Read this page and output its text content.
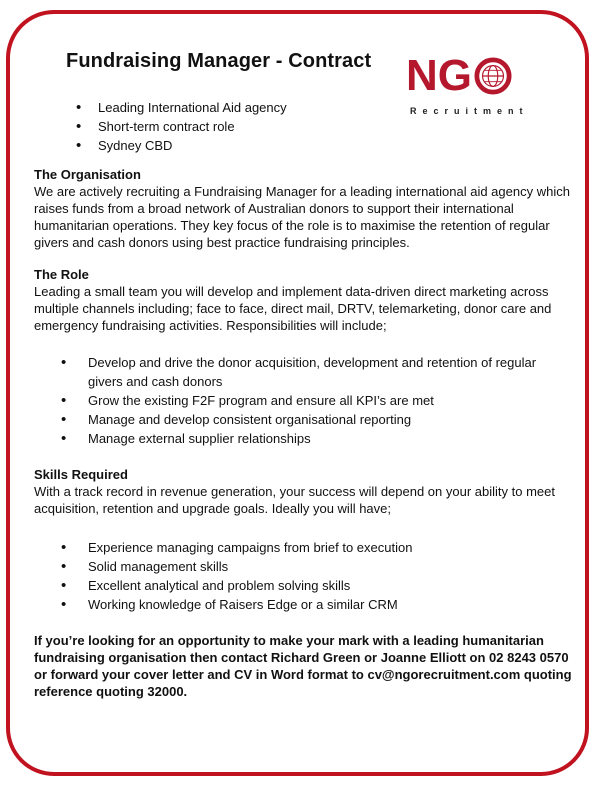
Fundraising Manager - Contract NG
Recruitment
• Leading International Aid agency
• Short-term contract role
• Sydney CBD

The Organisation

We are actively recruiting a Fundraising Manager for a leading international aid agency which raises funds from a broad network of Australian donors to support their international humanitarian operations. They key focus of the role is to maximise the retention of regular givers and cash donors using best practice fundraising principles.

The Role

Leading a small team you will develop and implement data-driven direct marketing across multiple channels including; face to face, direct mail, DRTV, telemarketing, donor care and emergency fundraising activities. Responsibilities will include;

• Develop and drive the donor acquisition, development and retention of regular givers and cash donors
• Grow the existing F2F program and ensure all KPI’s are met
• Manage and develop consistent organisational reporting
• Manage external supplier relationships

Skills Required

With a track record in revenue generation, your success will depend on your ability to meet acquisition, retention and upgrade goals. Ideally you will have;

• Experience managing campaigns from brief to execution
• Solid management skills
• Excellent analytical and problem solving skills
• Working knowledge of Raisers Edge or a similar CRM

If you’re looking for an opportunity to make your mark with a leading humanitarian fundraising organisation then contact Richard Green or Joanne Elliott on 02 8243 0570 or forward your cover letter and CV in Word format to cv@ngorecruitment.com quoting reference quoting 32000.
